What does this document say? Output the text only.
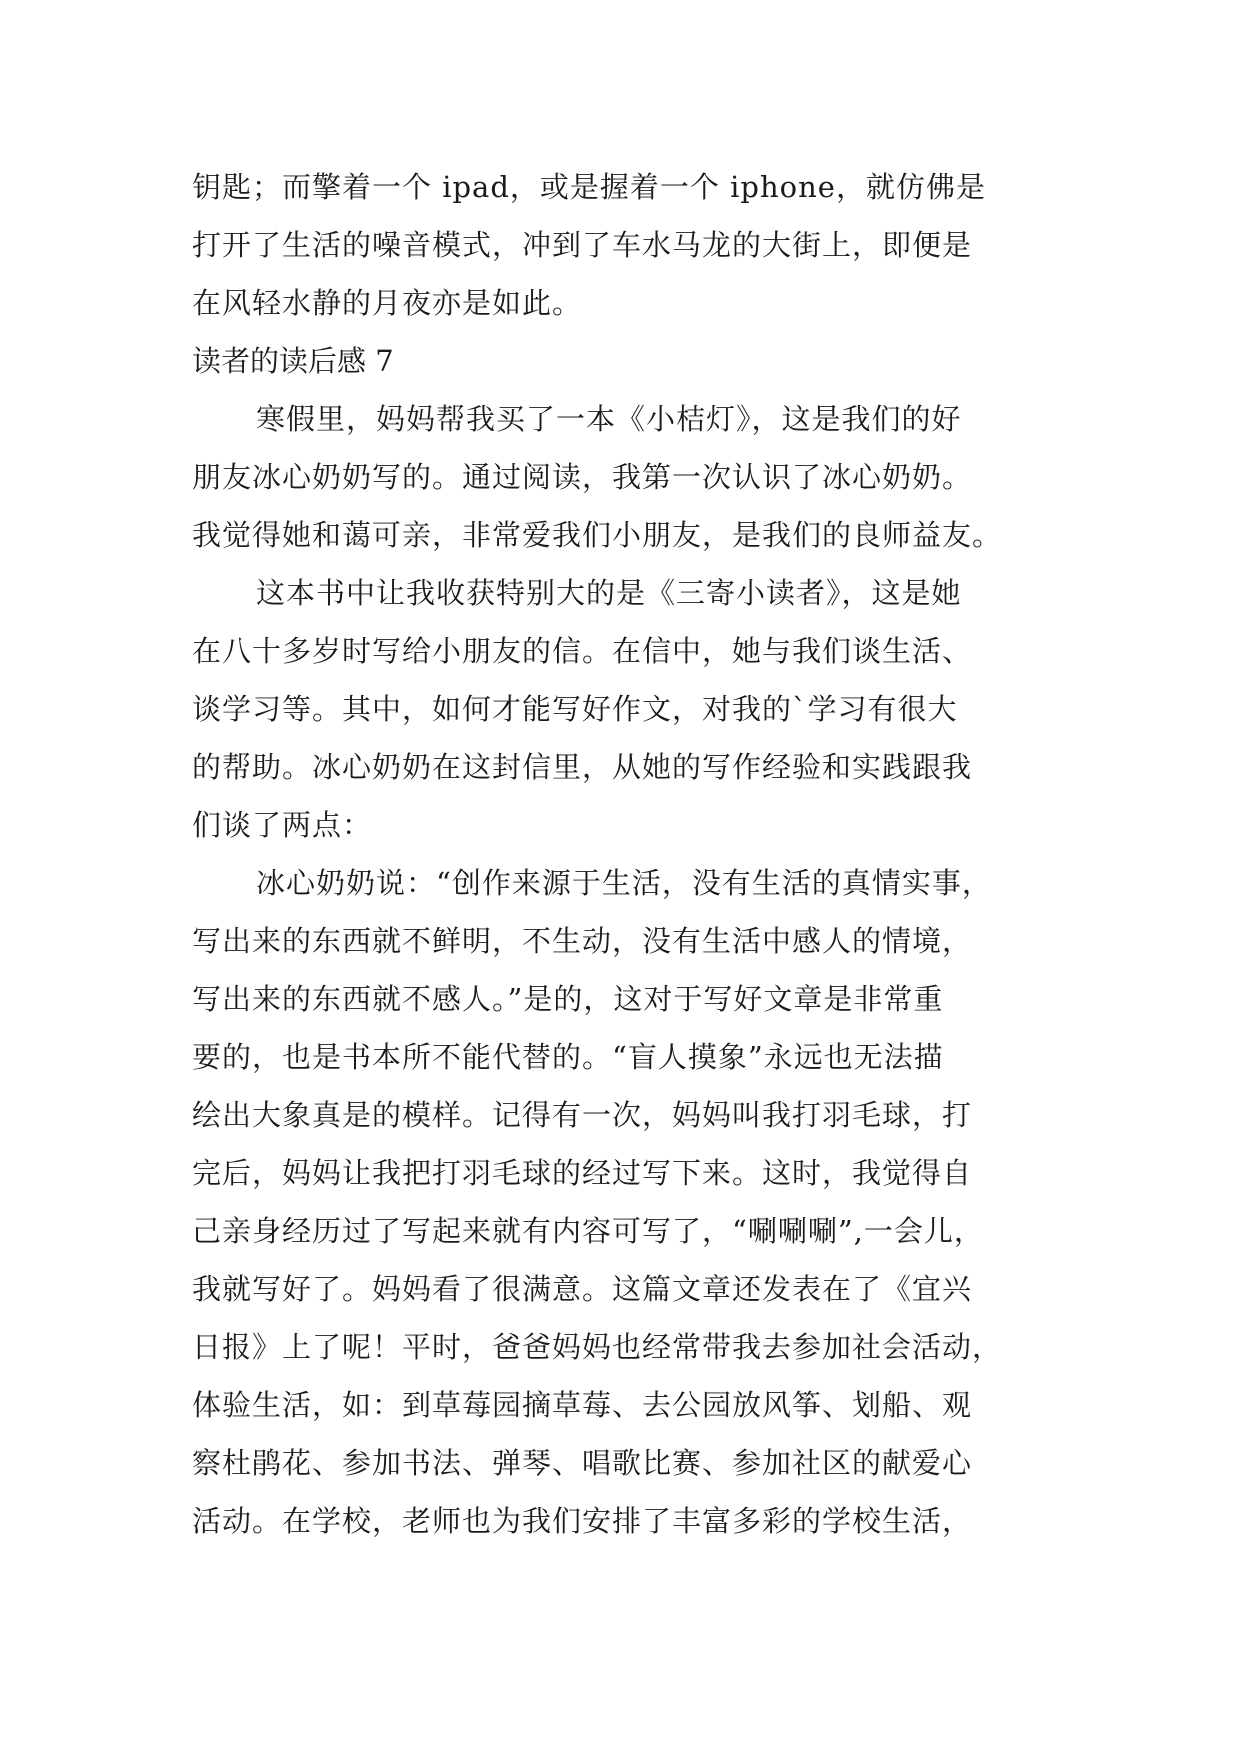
钥匙；而擎着一个 ipad，或是握着一个 iphone，就仿佛是
打开了生活的噪音模式，冲到了车水马龙的大街上，即便是
在风轻水静的月夜亦是如此。
读者的读后感 7
寒假里，妈妈帮我买了一本《小桔灯》，这是我们的好
朋友冰心奶奶写的。通过阅读，我第一次认识了冰心奶奶。
我觉得她和蔼可亲，非常爱我们小朋友，是我们的良师益友。
这本书中让我收获特别大的是《三寄小读者》，这是她
在八十多岁时写给小朋友的信。在信中，她与我们谈生活、
谈学习等。其中，如何才能写好作文，对我的`学习有很大
的帮助。冰心奶奶在这封信里，从她的写作经验和实践跟我
们谈了两点：
冰心奶奶说：“创作来源于生活，没有生活的真情实事，
写出来的东西就不鲜明，不生动，没有生活中感人的情境，
写出来的东西就不感人。”是的，这对于写好文章是非常重
要的，也是书本所不能代替的。“盲人摸象”永远也无法描
绘出大象真是的模样。记得有一次，妈妈叫我打羽毛球，打
完后，妈妈让我把打羽毛球的经过写下来。这时，我觉得自
己亲身经历过了写起来就有内容可写了，“唰唰唰”,一会儿，
我就写好了。妈妈看了很满意。这篇文章还发表在了《宜兴
日报》上了呢！平时，爸爸妈妈也经常带我去参加社会活动，
体验生活，如：到草莓园摘草莓、去公园放风筝、划船、观
察杜鹃花、参加书法、弹琴、唱歌比赛、参加社区的献爱心
活动。在学校，老师也为我们安排了丰富多彩的学校生活，
